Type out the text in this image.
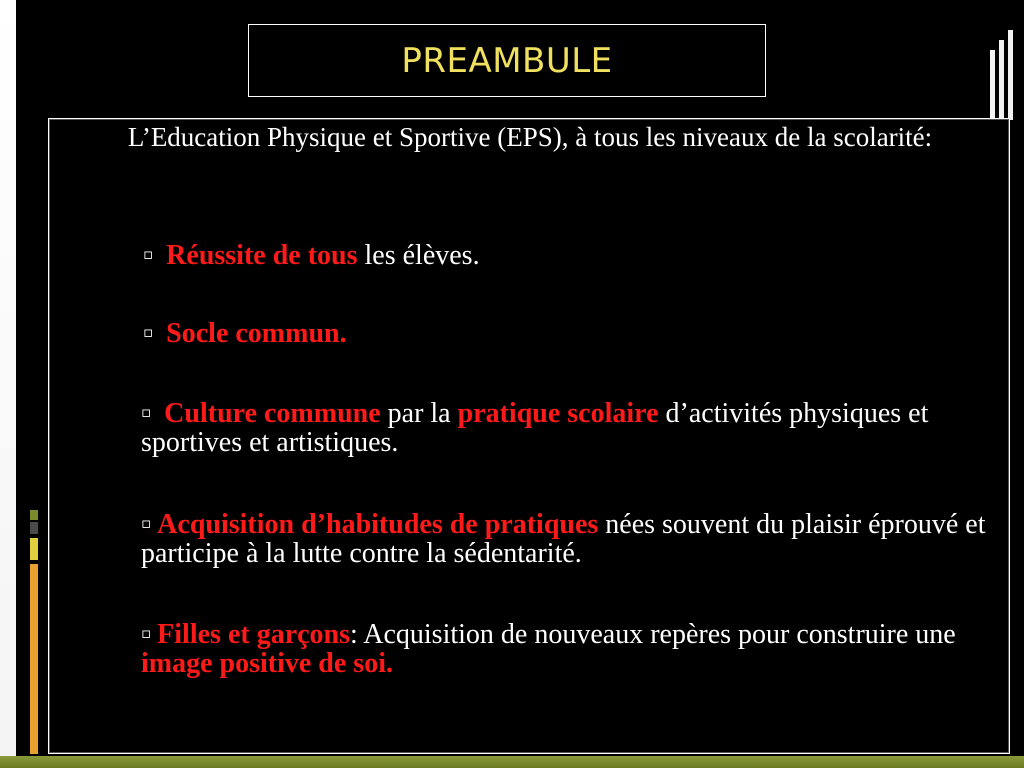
PREAMBULE
L’Education Physique et Sportive (EPS), à tous les niveaux de la scolarité:
▫ Réussite de tous les élèves.
▫ Socle commun.
▫ Culture commune par la pratique scolaire d’activités physiques et sportives et artistiques.
▫ Acquisition d’habitudes de pratiques nées souvent du plaisir éprouvé et participe à la lutte contre la sédentarité.
▫ Filles et garçons: Acquisition de nouveaux repères pour construire une image positive de soi.
